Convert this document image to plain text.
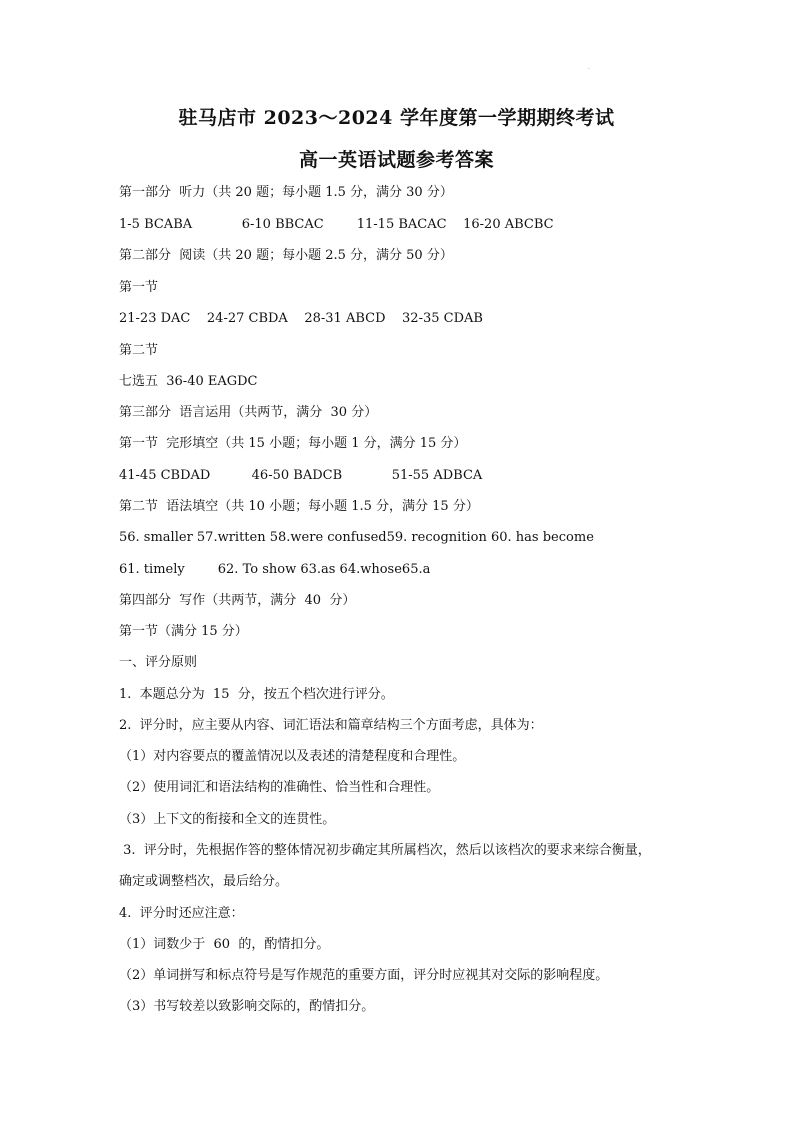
.
驻马店市 2023～2024 学年度第一学期期终考试
高一英语试题参考答案
第一部分  听力（共 20 题；每小题 1.5 分，满分 30 分）
1-5 BCABA            6-10 BBCAC        11-15 BACAC    16-20 ABCBC
第二部分  阅读（共 20 题；每小题 2.5 分，满分 50 分）
第一节
21-23 DAC    24-27 CBDA    28-31 ABCD    32-35 CDAB
第二节
七选五  36-40 EAGDC
第三部分  语言运用（共两节，满分  30 分）
第一节  完形填空（共 15 小题；每小题 1 分，满分 15 分）
41-45 CBDAD          46-50 BADCB            51-55 ADBCA
第二节  语法填空（共 10 小题；每小题 1.5 分，满分 15 分）
56. smaller 57.written 58.were confused59. recognition 60. has become
61. timely        62. To show 63.as 64.whose65.a
第四部分  写作（共两节，满分  40  分）
第一节（满分 15 分）
一、评分原则
1.  本题总分为  15  分，按五个档次进行评分。
2.  评分时，应主要从内容、词汇语法和篇章结构三个方面考虑，具体为：
（1）对内容要点的覆盖情况以及表述的清楚程度和合理性。
（2）使用词汇和语法结构的准确性、恰当性和合理性。
（3）上下文的衔接和全文的连贯性。
3.  评分时，先根据作答的整体情况初步确定其所属档次，然后以该档次的要求来综合衡量，
确定或调整档次，最后给分。
4.  评分时还应注意：
（1）词数少于  60  的，酌情扣分。
（2）单词拼写和标点符号是写作规范的重要方面，评分时应视其对交际的影响程度。
（3）书写较差以致影响交际的，酌情扣分。
